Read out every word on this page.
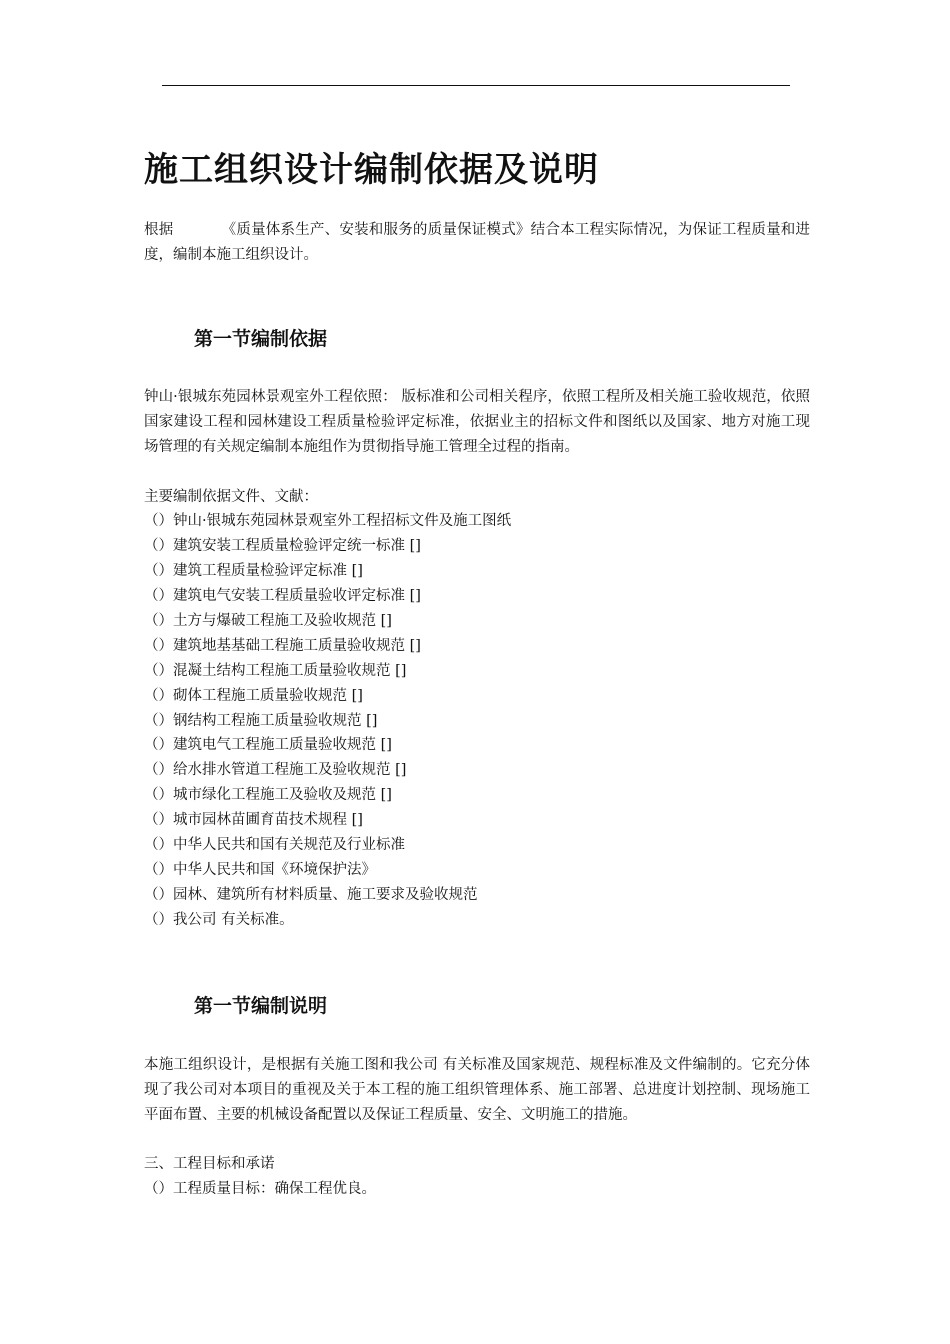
施工组织设计编制依据及说明

根据	《质量体系生产、安装和服务的质量保证模式》结合本工程实际情况，为保证工程质量和进度，编制本施工组织设计。

第一节编制依据

钟山·银城东苑园林景观室外工程依照： 版标准和公司相关程序，依照工程所及相关施工验收规范，依照国家建设工程和园林建设工程质量检验评定标准，依据业主的招标文件和图纸以及国家、地方对施工现场管理的有关规定编制本施组作为贯彻指导施工管理全过程的指南。

主要编制依据文件、文献：

（）钟山·银城东苑园林景观室外工程招标文件及施工图纸
（）建筑安装工程质量检验评定统一标准 []
（）建筑工程质量检验评定标准 []
（）建筑电气安装工程质量验收评定标准 []
（）土方与爆破工程施工及验收规范 []
（）建筑地基基础工程施工质量验收规范 []
（）混凝土结构工程施工质量验收规范 []
（）砌体工程施工质量验收规范 []
（）钢结构工程施工质量验收规范 []
（）建筑电气工程施工质量验收规范 []
（）给水排水管道工程施工及验收规范 []
（）城市绿化工程施工及验收及规范 []
（）城市园林苗圃育苗技术规程 []
（）中华人民共和国有关规范及行业标准
（）中华人民共和国《环境保护法》
（）园林、建筑所有材料质量、施工要求及验收规范
（）我公司 有关标准。
第一节编制说明

本施工组织设计，是根据有关施工图和我公司 有关标准及国家规范、规程标准及文件编制的。它充分体现了我公司对本项目的重视及关于本工程的施工组织管理体系、施工部署、总进度计划控制、现场施工平面布置、主要的机械设备配置以及保证工程质量、安全、文明施工的措施。

三、工程目标和承诺

（）工程质量目标：确保工程优良。
